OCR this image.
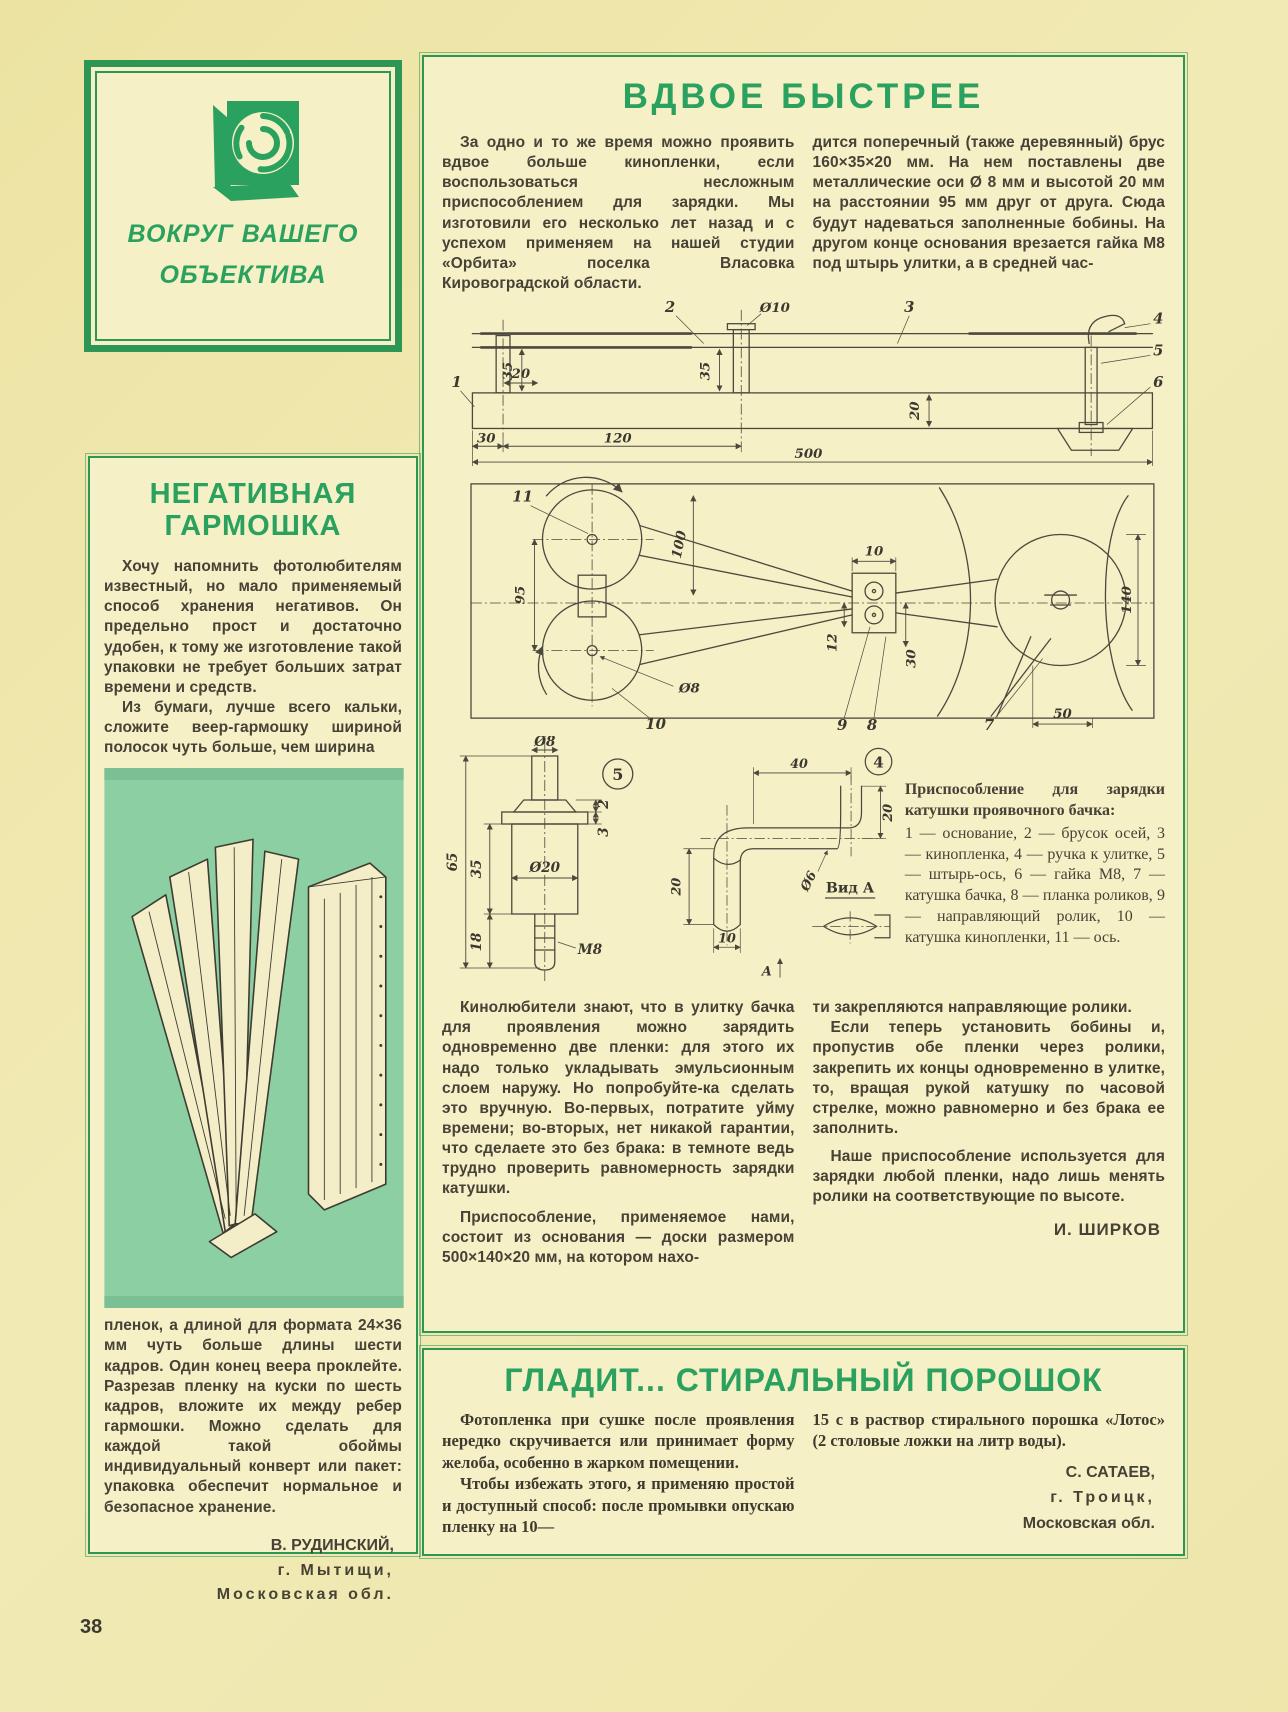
ВОКРУГ ВАШЕГО
ОБЪЕКТИВА
НЕГАТИВНАЯ
ГАРМОШКА

Хочу напомнить фотолюбителям известный, но мало применяемый способ хранения негативов. Он предельно прост и достаточно удобен, к тому же изготовление такой упаковки не требует больших затрат времени и средств.

Из бумаги, лучше всего кальки, сложите веер-гармошку шириной полосок чуть больше, чем ширина

пленок, а длиной для формата 24×36 мм чуть больше длины шести кадров. Один конец веера проклейте. Разрезав пленку на куски по шесть кадров, вложите их между ребер гармошки. Можно сделать для каждой такой обоймы индивидуальный конверт или пакет: упаковка обеспечит нормальное и безопасное хранение.

В. РУДИНСКИЙ,
г. Мытищи,
Московская обл.
ВДВОЕ БЫСТРЕЕ

За одно и то же время можно проявить вдвое больше кинопленки, если воспользоваться несложным приспособлением для зарядки. Мы изготовили его несколько лет назад и с успехом применяем на нашей студии «Орбита» поселка Власовка Кировоградской области.

дится поперечный (также деревянный) брус 160×35×20 мм. На нем поставлены две металлические оси Ø 8 мм и высотой 20 мм на расстоянии 95 мм друг от друга. Сюда будут надеваться заполненные бобины. На другом конце основания врезается гайка М8 под штырь улитки, а в средней час-

35
20	35
20
30	120
500
Ø10
2	3
1
4
5
6
95
100	10
12
30
Ø8
140
50
11
10	9 8	7
Ø8
2
3
65 35	Ø20
М8
18
5
40
20
20	Ø6
10
А
4
Вид А
Приспособление для зарядки катушки проявочного бачка:
1 — основание, 2 — брусок осей, 3 — кинопленка, 4 — ручка к улитке, 5 — штырь-ось, 6 — гайка М8, 7 — катушка бачка, 8 — планка роликов, 9 — направляющий ролик, 10 — катушка кинопленки, 11 — ось.

Кинолюбители знают, что в улитку бачка для проявления можно зарядить одновременно две пленки: для этого их надо только укладывать эмульсионным слоем наружу. Но попробуйте-ка сделать это вручную. Во-первых, потратите уйму времени; во-вторых, нет никакой гарантии, что сделаете это без брака: в темноте ведь трудно проверить равномерность зарядки катушки.

Приспособление, применяемое нами, состоит из основания — доски размером 500×140×20 мм, на котором нахо-

ти закрепляются направляющие ролики.

Если теперь установить бобины и, пропустив обе пленки через ролики, закрепить их концы одновременно в улитке, то, вращая рукой катушку по часовой стрелке, можно равномерно и без брака ее заполнить.

Наше приспособление используется для зарядки любой пленки, надо лишь менять ролики на соответствующие по высоте.

И. ШИРКОВ
ГЛАДИТ... СТИРАЛЬНЫЙ ПОРОШОК

Фотопленка при сушке после проявления нередко скручивается или принимает форму желоба, особенно в жарком помещении.

Чтобы избежать этого, я применяю простой и доступный способ: после промывки опускаю пленку на 10—

15 с в раствор стирального порошка «Лотос» (2 столовые ложки на литр воды).

С. САТАЕВ,
г. Троицк,
Московская обл.
38
